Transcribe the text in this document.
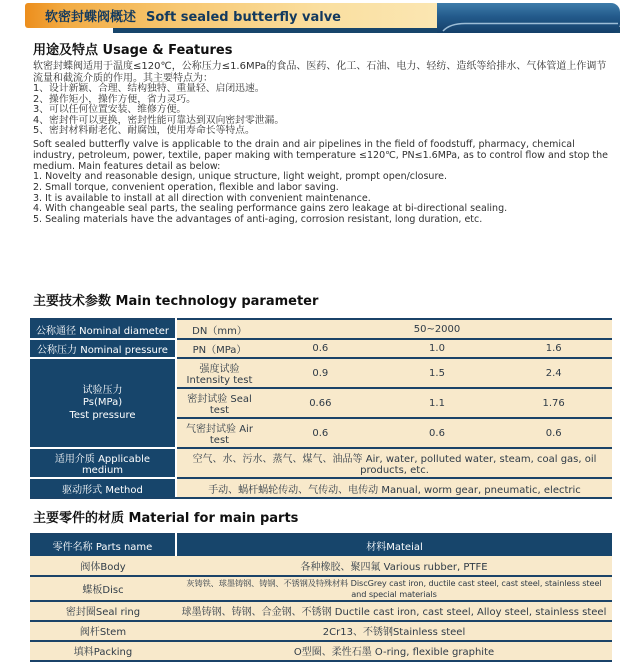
软密封蝶阀概述 Soft sealed butterfly valve
用途及特点 Usage & Features

软密封蝶阀适用于温度≤120℃，公称压力≤1.6MPa的食品、医药、化工、石油、电力、轻纺、造纸等给排水、气体管道上作调节流量和截流介质的作用。其主要特点为：

1、设计新颖、合理、结构独特、重量轻、启闭迅速。

2、操作矩小，操作方便，省力灵巧。

3、可以任何位置安装、维修方便。

4、密封件可以更换，密封性能可靠达到双向密封零泄漏。

5、密封材料耐老化、耐腐蚀，使用寿命长等特点。

Soft sealed butterfly valve is applicable to the drain and air pipelines in the field of foodstuff, pharmacy, chemical industry, petroleum, power, textile, paper making with temperature ≤120℃, PN≤1.6MPa, as to control flow and stop the medium. Main features detail as below:

1. Novelty and reasonable design, unique structure, light weight, prompt open/closure.

2. Small torque, convenient operation, flexible and labor saving.

3. It is available to install at all direction with convenient maintenance.

4. With changeable seal parts, the sealing performance gains zero leakage at bi-directional sealing.

5. Sealing materials have the advantages of anti-aging, corrosion resistant, long duration, etc.

主要技术参数 Main technology parameter
公称通径 Nominal diameter	DN（mm）	50~2000		
公称压力 Nominal pressure	PN（MPa）	0.6	1.0	1.6

试验压力
Ps(MPa)
Test pressure	强度试验 Intensity test	0.9	1.5	2.4
	密封试验 Seal test	0.66	1.1	1.76
	气密封试验 Air test	0.6	0.6	0.6
适用介质 Applicable medium	空气、水、污水、蒸气、煤气、油品等 Air, water, polluted water, steam, coal gas, oil products, etc.			
驱动形式 Method	手动、蜗杆蜗轮传动、气传动、电传动 Manual, worm gear, pneumatic, electric			
主要零件的材质 Material for main parts
零件名称 Parts name	材料Mateial
阀体Body	各种橡胶、聚四氟 Various rubber, PTFE
蝶板Disc	灰铸铁、球墨铸钢、铸钢、不锈钢及特殊材料 DiscGrey cast iron, ductile cast steel, cast steel, stainless steel and special materials
密封圈Seal ring	球墨铸钢、铸钢、合金钢、不锈钢 Ductile cast iron, cast steel, Alloy steel, stainless steel
阀杆Stem	2Cr13、不锈钢Stainless steel
填料Packing	O型圈、柔性石墨 O-ring, flexible graphite
